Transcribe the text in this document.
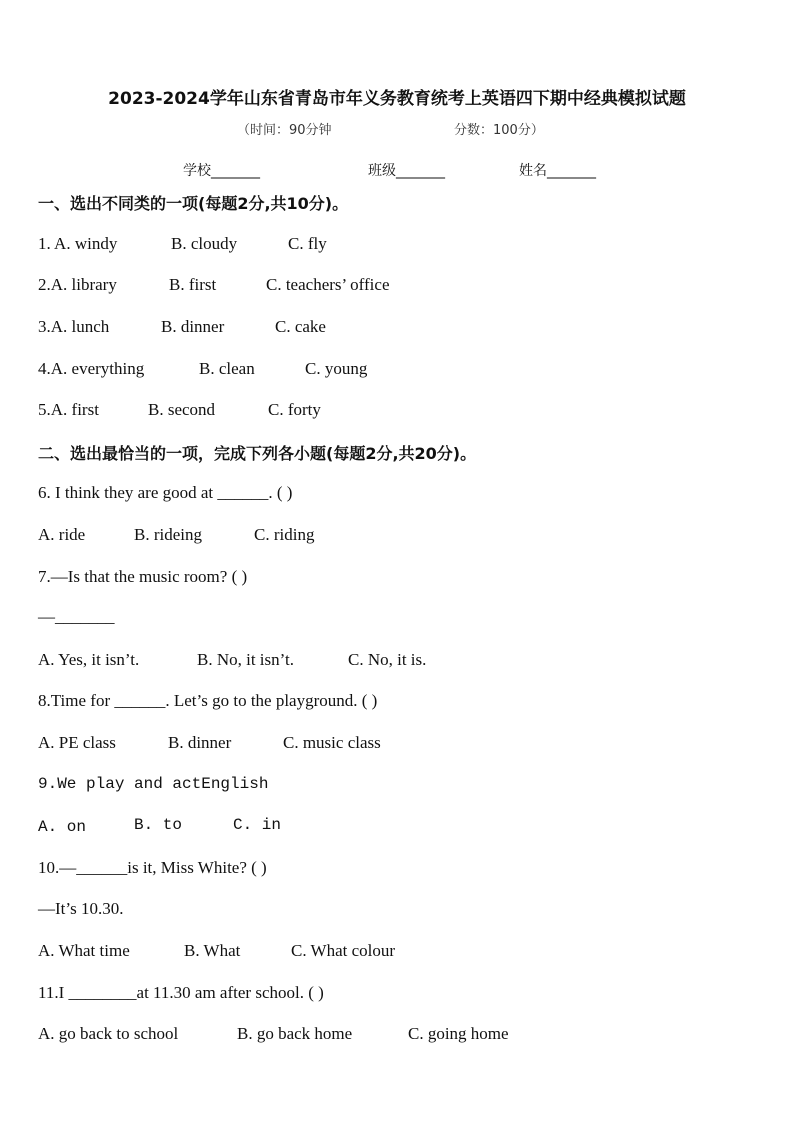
2023-2024学年山东省青岛市年义务教育统考上英语四下期中经典模拟试题
（时间：90分钟	分数：100分）
学校_______	班级_______	姓名_______
一、选出不同类的一项(每题2分,共10分)。
1. A. windy	B. cloudy	C. fly
2.A. library	B. first	C. teachers’ office
3.A. lunch	B. dinner	C. cake
4.A. everything	B. clean	C. young
5.A. first	B. second	C. forty
二、选出最恰当的一项，完成下列各小题(每题2分,共20分)。
6. I think they are good at ______. ( )
A. ride	B. rideing	C. riding
7.—Is that the music room? ( )
—_______
A. Yes, it isn’t.	B. No, it isn’t.	C. No, it is.
8.Time for ______. Let’s go to the playground. ( )
A. PE class	B. dinner	C. music class
9.We play and actEnglish
A. on	B. to	C. in
10.—______is it, Miss White? ( )
—It’s 10.30.
A. What time	B. What	C. What colour
11.I ________at 11.30 am after school. ( )
A. go back to school	B. go back home	C. going home
